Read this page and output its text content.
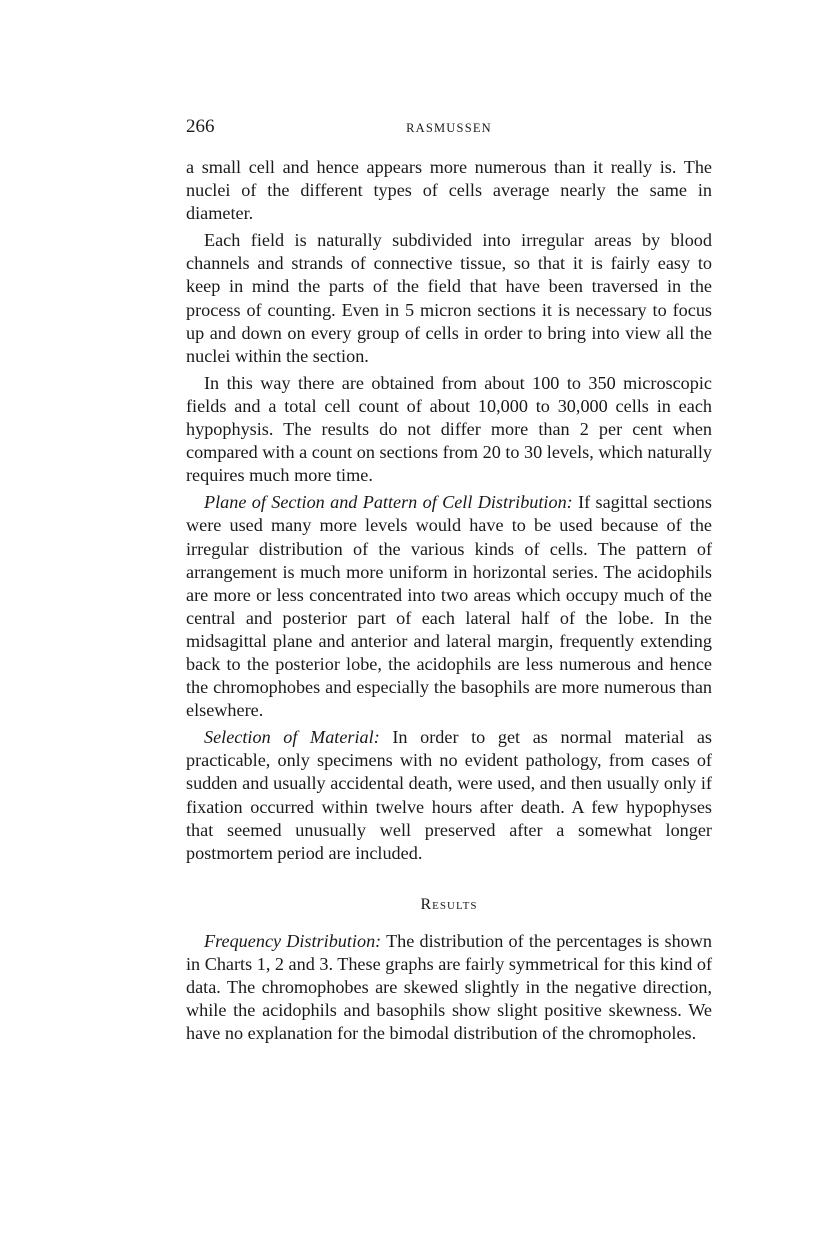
266	RASMUSSEN

a small cell and hence appears more numerous than it really is. The nuclei of the different types of cells average nearly the same in diameter.

Each field is naturally subdivided into irregular areas by blood channels and strands of connective tissue, so that it is fairly easy to keep in mind the parts of the field that have been traversed in the process of counting. Even in 5 micron sections it is necessary to focus up and down on every group of cells in order to bring into view all the nuclei within the section.

In this way there are obtained from about 100 to 350 microscopic fields and a total cell count of about 10,000 to 30,000 cells in each hypophysis. The results do not differ more than 2 per cent when compared with a count on sections from 20 to 30 levels, which naturally requires much more time.

Plane of Section and Pattern of Cell Distribution: If sagittal sections were used many more levels would have to be used because of the irregular distribution of the various kinds of cells. The pattern of arrangement is much more uniform in horizontal series. The acidophils are more or less concentrated into two areas which occupy much of the central and posterior part of each lateral half of the lobe. In the midsagittal plane and anterior and lateral margin, frequently extending back to the posterior lobe, the acidophils are less numerous and hence the chromophobes and especially the basophils are more numerous than elsewhere.

Selection of Material: In order to get as normal material as practicable, only specimens with no evident pathology, from cases of sudden and usually accidental death, were used, and then usually only if fixation occurred within twelve hours after death. A few hypophyses that seemed unusually well preserved after a somewhat longer postmortem period are included.

Results

Frequency Distribution: The distribution of the percentages is shown in Charts 1, 2 and 3. These graphs are fairly symmetrical for this kind of data. The chromophobes are skewed slightly in the negative direction, while the acidophils and basophils show slight positive skewness. We have no explanation for the bimodal distribution of the chromopholes.
